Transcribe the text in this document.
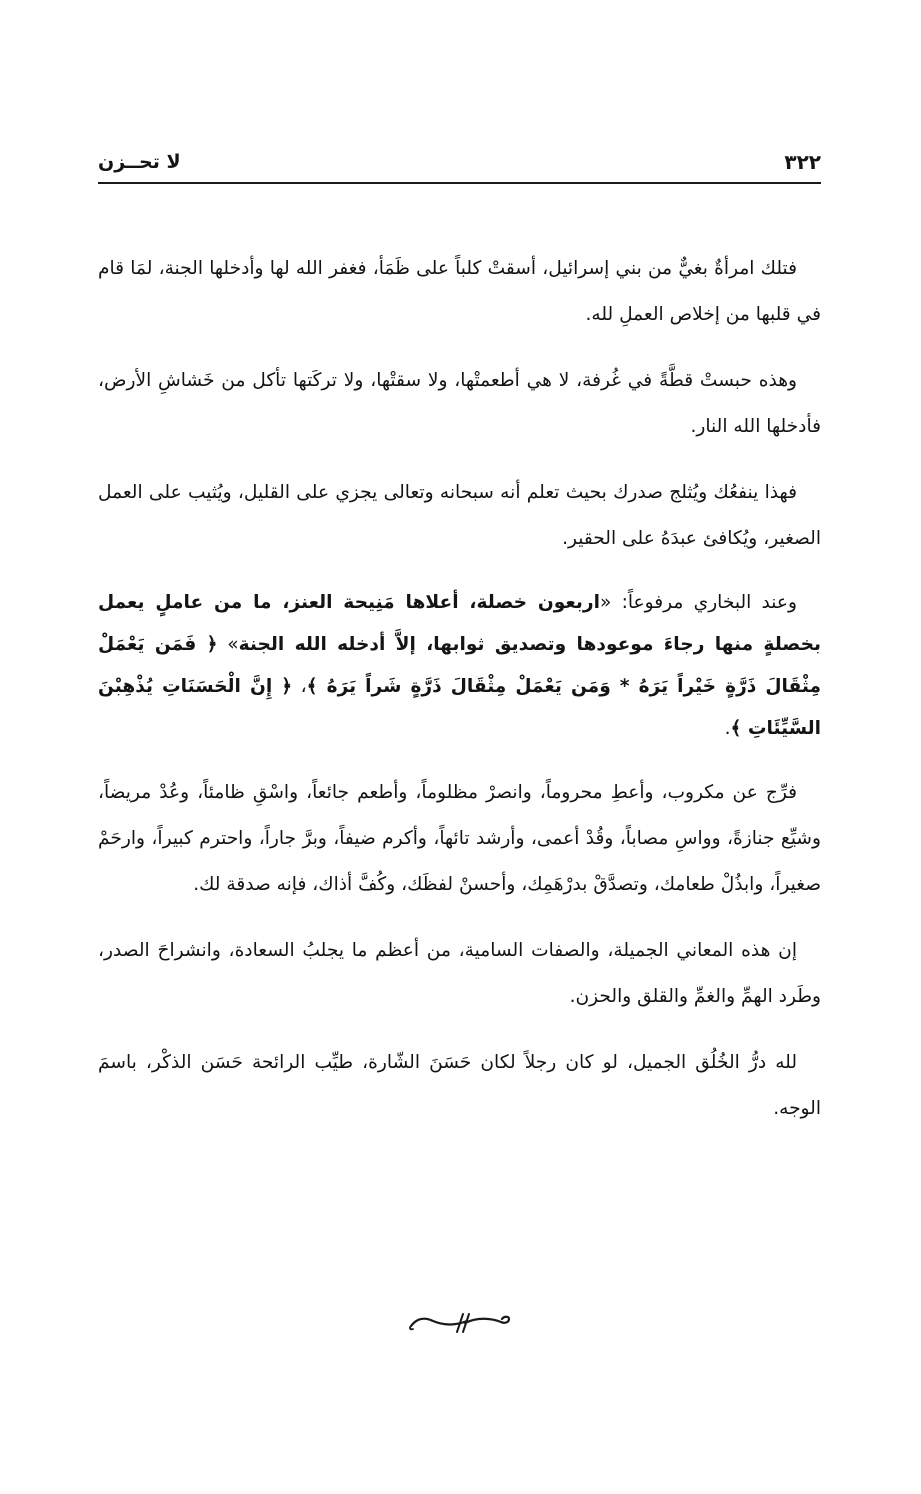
٣٢٢
لا تحــزن

فتلك امرأةٌ بغيٌّ من بني إسرائيل، أسقتْ كلباً على ظَمَأ، فغفر الله لها وأدخلها الجنة، لمَا قام في قلبها من إخلاص العملِ لله.

وهذه حبستْ قطَّةً في غُرفة، لا هي أطعمتْها، ولا سقتْها، ولا تركَتها تأكل من خَشاشِ الأرض، فأدخلها الله النار.

فهذا ينفعُك ويُثلج صدرك بحيث تعلم أنه سبحانه وتعالى يجزي على القليل، ويُثيب على العمل الصغير، ويُكافئ عبدَهُ على الحقير.

وعند البخاري مرفوعاً: «اربعون خصلة، أعلاها مَنِيحة العنز، ما من عاملٍ يعمل بخصلةٍ منها رجاءَ موعودها وتصديق ثوابها، إلاَّ أدخله الله الجنة» ﴿ فَمَن يَعْمَلْ مِثْقَالَ ذَرَّةٍ خَيْراً يَرَهُ * وَمَن يَعْمَلْ مِثْقَالَ ذَرَّةٍ شَراً يَرَهُ ﴾، ﴿ إِنَّ الْحَسَنَاتِ يُذْهِبْنَ السَّيِّئَاتِ ﴾.

فرِّج عن مكروب، وأعطِ محروماً، وانصرْ مظلوماً، وأطعم جائعاً، واسْقِ ظامئاً، وعُدْ مريضاً، وشيِّع جنازةً، وواسِ مصاباً، وقُدْ أعمى، وأرشد تائهاً، وأكرم ضيفاً، وبرَّ جاراً، واحترم كبيراً، وارحَمْ صغيراً، وابذُلْ طعامك، وتصدَّقْ بدرْهَمِك، وأحسنْ لفظَك، وكُفَّ أذاك، فإنه صدقة لك.

إن هذه المعاني الجميلة، والصفات السامية، من أعظم ما يجلبُ السعادة، وانشراحَ الصدر، وطَرد الهمِّ والغمِّ والقلق والحزن.

لله درُّ الخُلُق الجميل، لو كان رجلاً لكان حَسَنَ الشّارة، طيِّب الرائحة حَسَن الذكْر، باسمَ الوجه.
